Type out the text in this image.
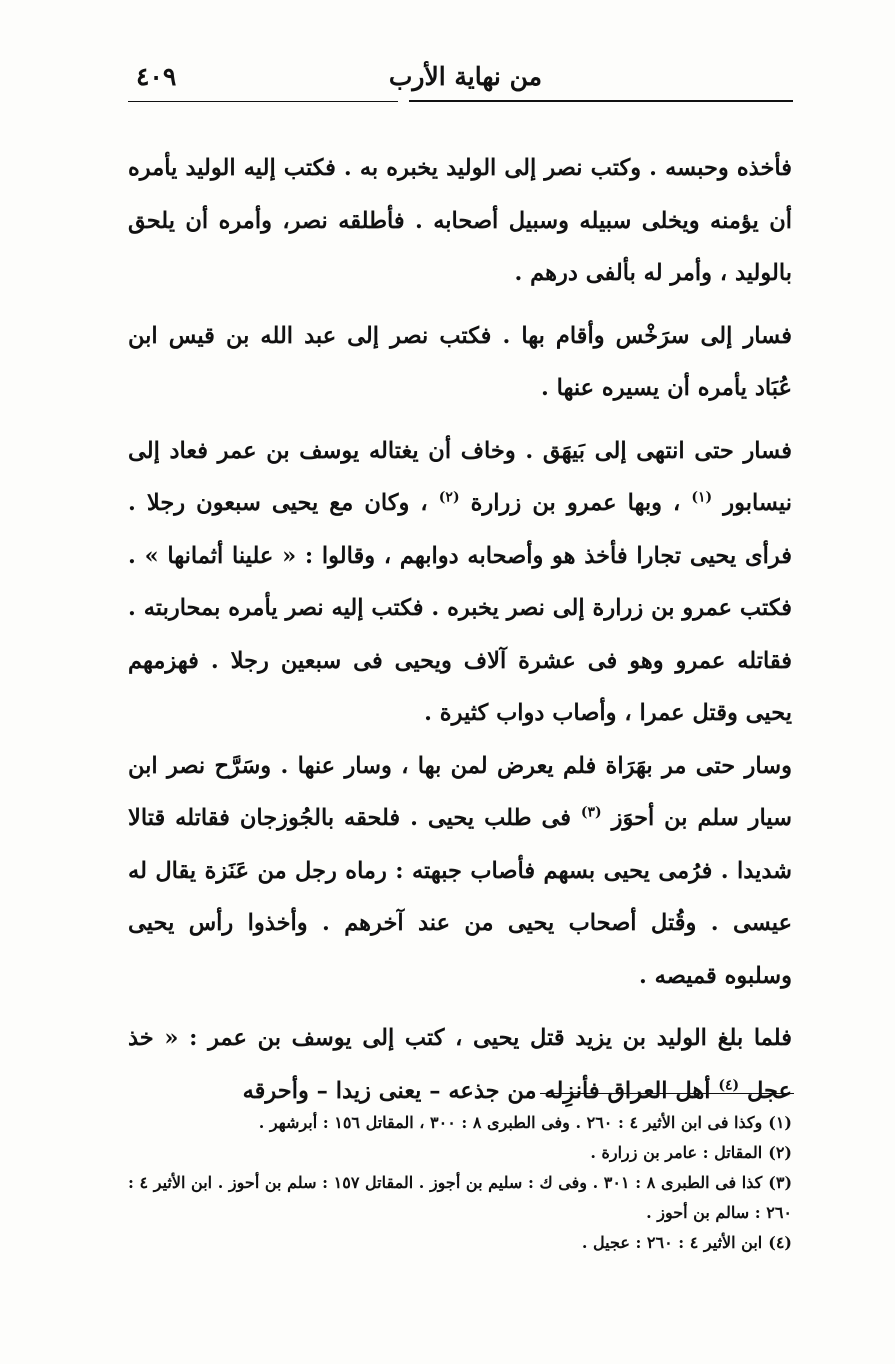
من نهاية الأرب
٤٠٩

فأخذه وحبسه . وكتب نصر إلى الوليد يخبره به . فكتب إليه الوليد يأمره أن يؤمنه ويخلى سبيله وسبيل أصحابه . فأطلقه نصر، وأمره أن يلحق بالوليد ، وأمر له بألفى درهم .

فسار إلى سرَخْس وأقام بها . فكتب نصر إلى عبد الله بن قيس ابن عُبَاد يأمره أن يسيره عنها .

فسار حتى انتهى إلى بَيهَق . وخاف أن يغتاله يوسف بن عمر فعاد إلى نيسابور $^{(١)}$ ، وبها عمرو بن زرارة $^{(٢)}$ ، وكان مع يحيى سبعون رجلا . فرأى يحيى تجارا فأخذ هو وأصحابه دوابهم ، وقالوا : « علينا أثمانها » . فكتب عمرو بن زرارة إلى نصر يخبره . فكتب إليه نصر يأمره بمحاربته . فقاتله عمرو وهو فى عشرة آلاف ويحيى فى سبعين رجلا . فهزمهم يحيى وقتل عمرا ، وأصاب دواب كثيرة .

وسار حتى مر بهَرَاة فلم يعرض لمن بها ، وسار عنها . وسَرَّح نصر ابن سيار سلم بن أحوَز $^{(٣)}$ فى طلب يحيى . فلحقه بالجُوزجان فقاتله قتالا شديدا . فرُمى يحيى بسهم فأصاب جبهته : رماه رجل من عَنَزة يقال له عيسى . وقُتل أصحاب يحيى من عند آخرهم . وأخذوا رأس يحيى وسلبوه قميصه .

فلما بلغ الوليد بن يزيد قتل يحيى ، كتب إلى يوسف بن عمر : « خذ عجل $^{(٤)}$ أهل العراق فأنزِله من جذعه – يعنى زيدا – وأحرقه

(١)وكذا فى ابن الأثير ٤ : ٢٦٠ . وفى الطبرى ٨ : ٣٠٠ ، المقاتل ١٥٦ : أبرشهر .

(٢)المقاتل : عامر بن زرارة .

(٣)كذا فى الطبرى ٨ : ٣٠١ . وفى ك : سليم بن أجوز . المقاتل ١٥٧ : سلم بن أحوز . ابن الأثير ٤ : ٢٦٠ : سالم بن أحوز .

(٤)ابن الأثير ٤ : ٢٦٠ : عجيل .
